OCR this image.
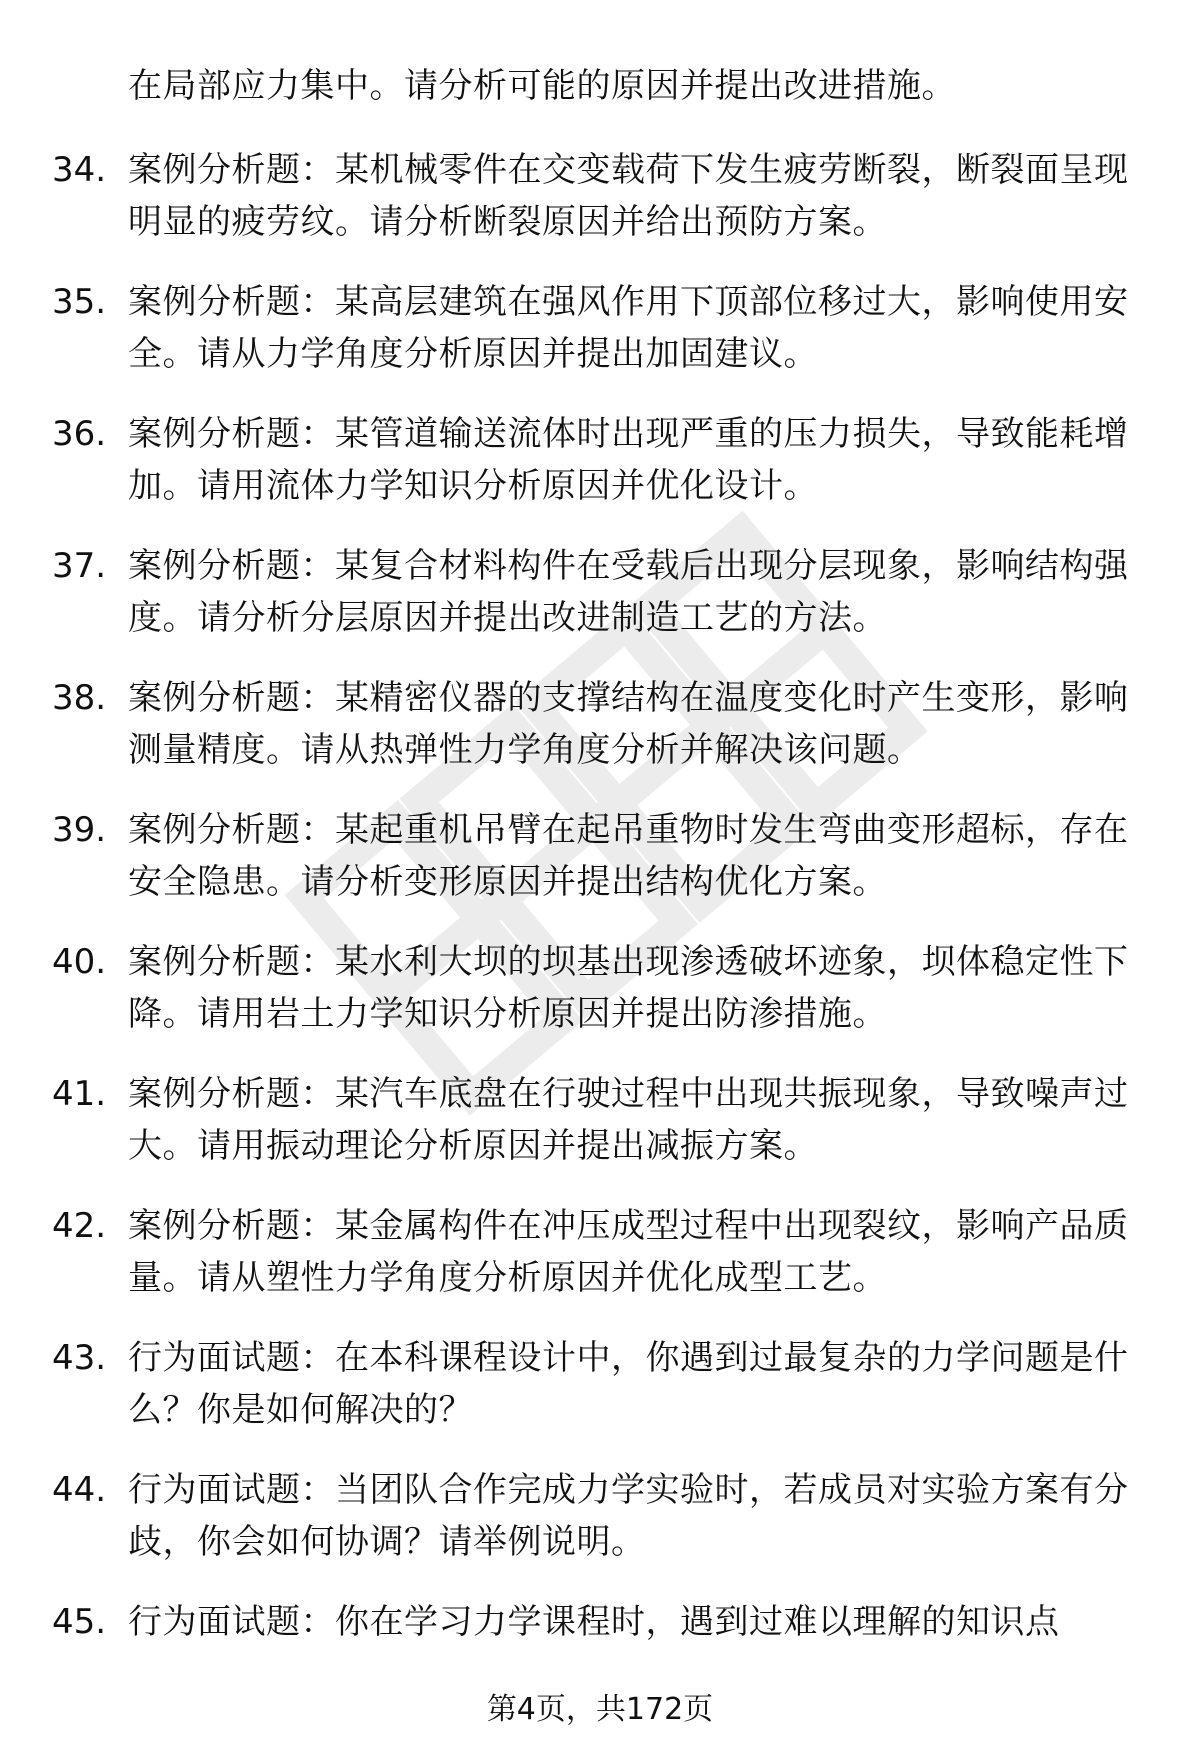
在局部应力集中。请分析可能的原因并提出改进措施。
34. 案例分析题：某机械零件在交变载荷下发生疲劳断裂，断裂面呈现明显的疲劳纹。请分析断裂原因并给出预防方案。
35. 案例分析题：某高层建筑在强风作用下顶部位移过大，影响使用安全。请从力学角度分析原因并提出加固建议。
36. 案例分析题：某管道输送流体时出现严重的压力损失，导致能耗增加。请用流体力学知识分析原因并优化设计。
37. 案例分析题：某复合材料构件在受载后出现分层现象，影响结构强度。请分析分层原因并提出改进制造工艺的方法。
38. 案例分析题：某精密仪器的支撑结构在温度变化时产生变形，影响测量精度。请从热弹性力学角度分析并解决该问题。
39. 案例分析题：某起重机吊臂在起吊重物时发生弯曲变形超标，存在安全隐患。请分析变形原因并提出结构优化方案。
40. 案例分析题：某水利大坝的坝基出现渗透破坏迹象，坝体稳定性下降。请用岩土力学知识分析原因并提出防渗措施。
41. 案例分析题：某汽车底盘在行驶过程中出现共振现象，导致噪声过大。请用振动理论分析原因并提出减振方案。
42. 案例分析题：某金属构件在冲压成型过程中出现裂纹，影响产品质量。请从塑性力学角度分析原因并优化成型工艺。
43. 行为面试题：在本科课程设计中，你遇到过最复杂的力学问题是什么？你是如何解决的？
44. 行为面试题：当团队合作完成力学实验时，若成员对实验方案有分歧，你会如何协调？请举例说明。
45. 行为面试题：你在学习力学课程时，遇到过难以理解的知识点
第4页，共172页
